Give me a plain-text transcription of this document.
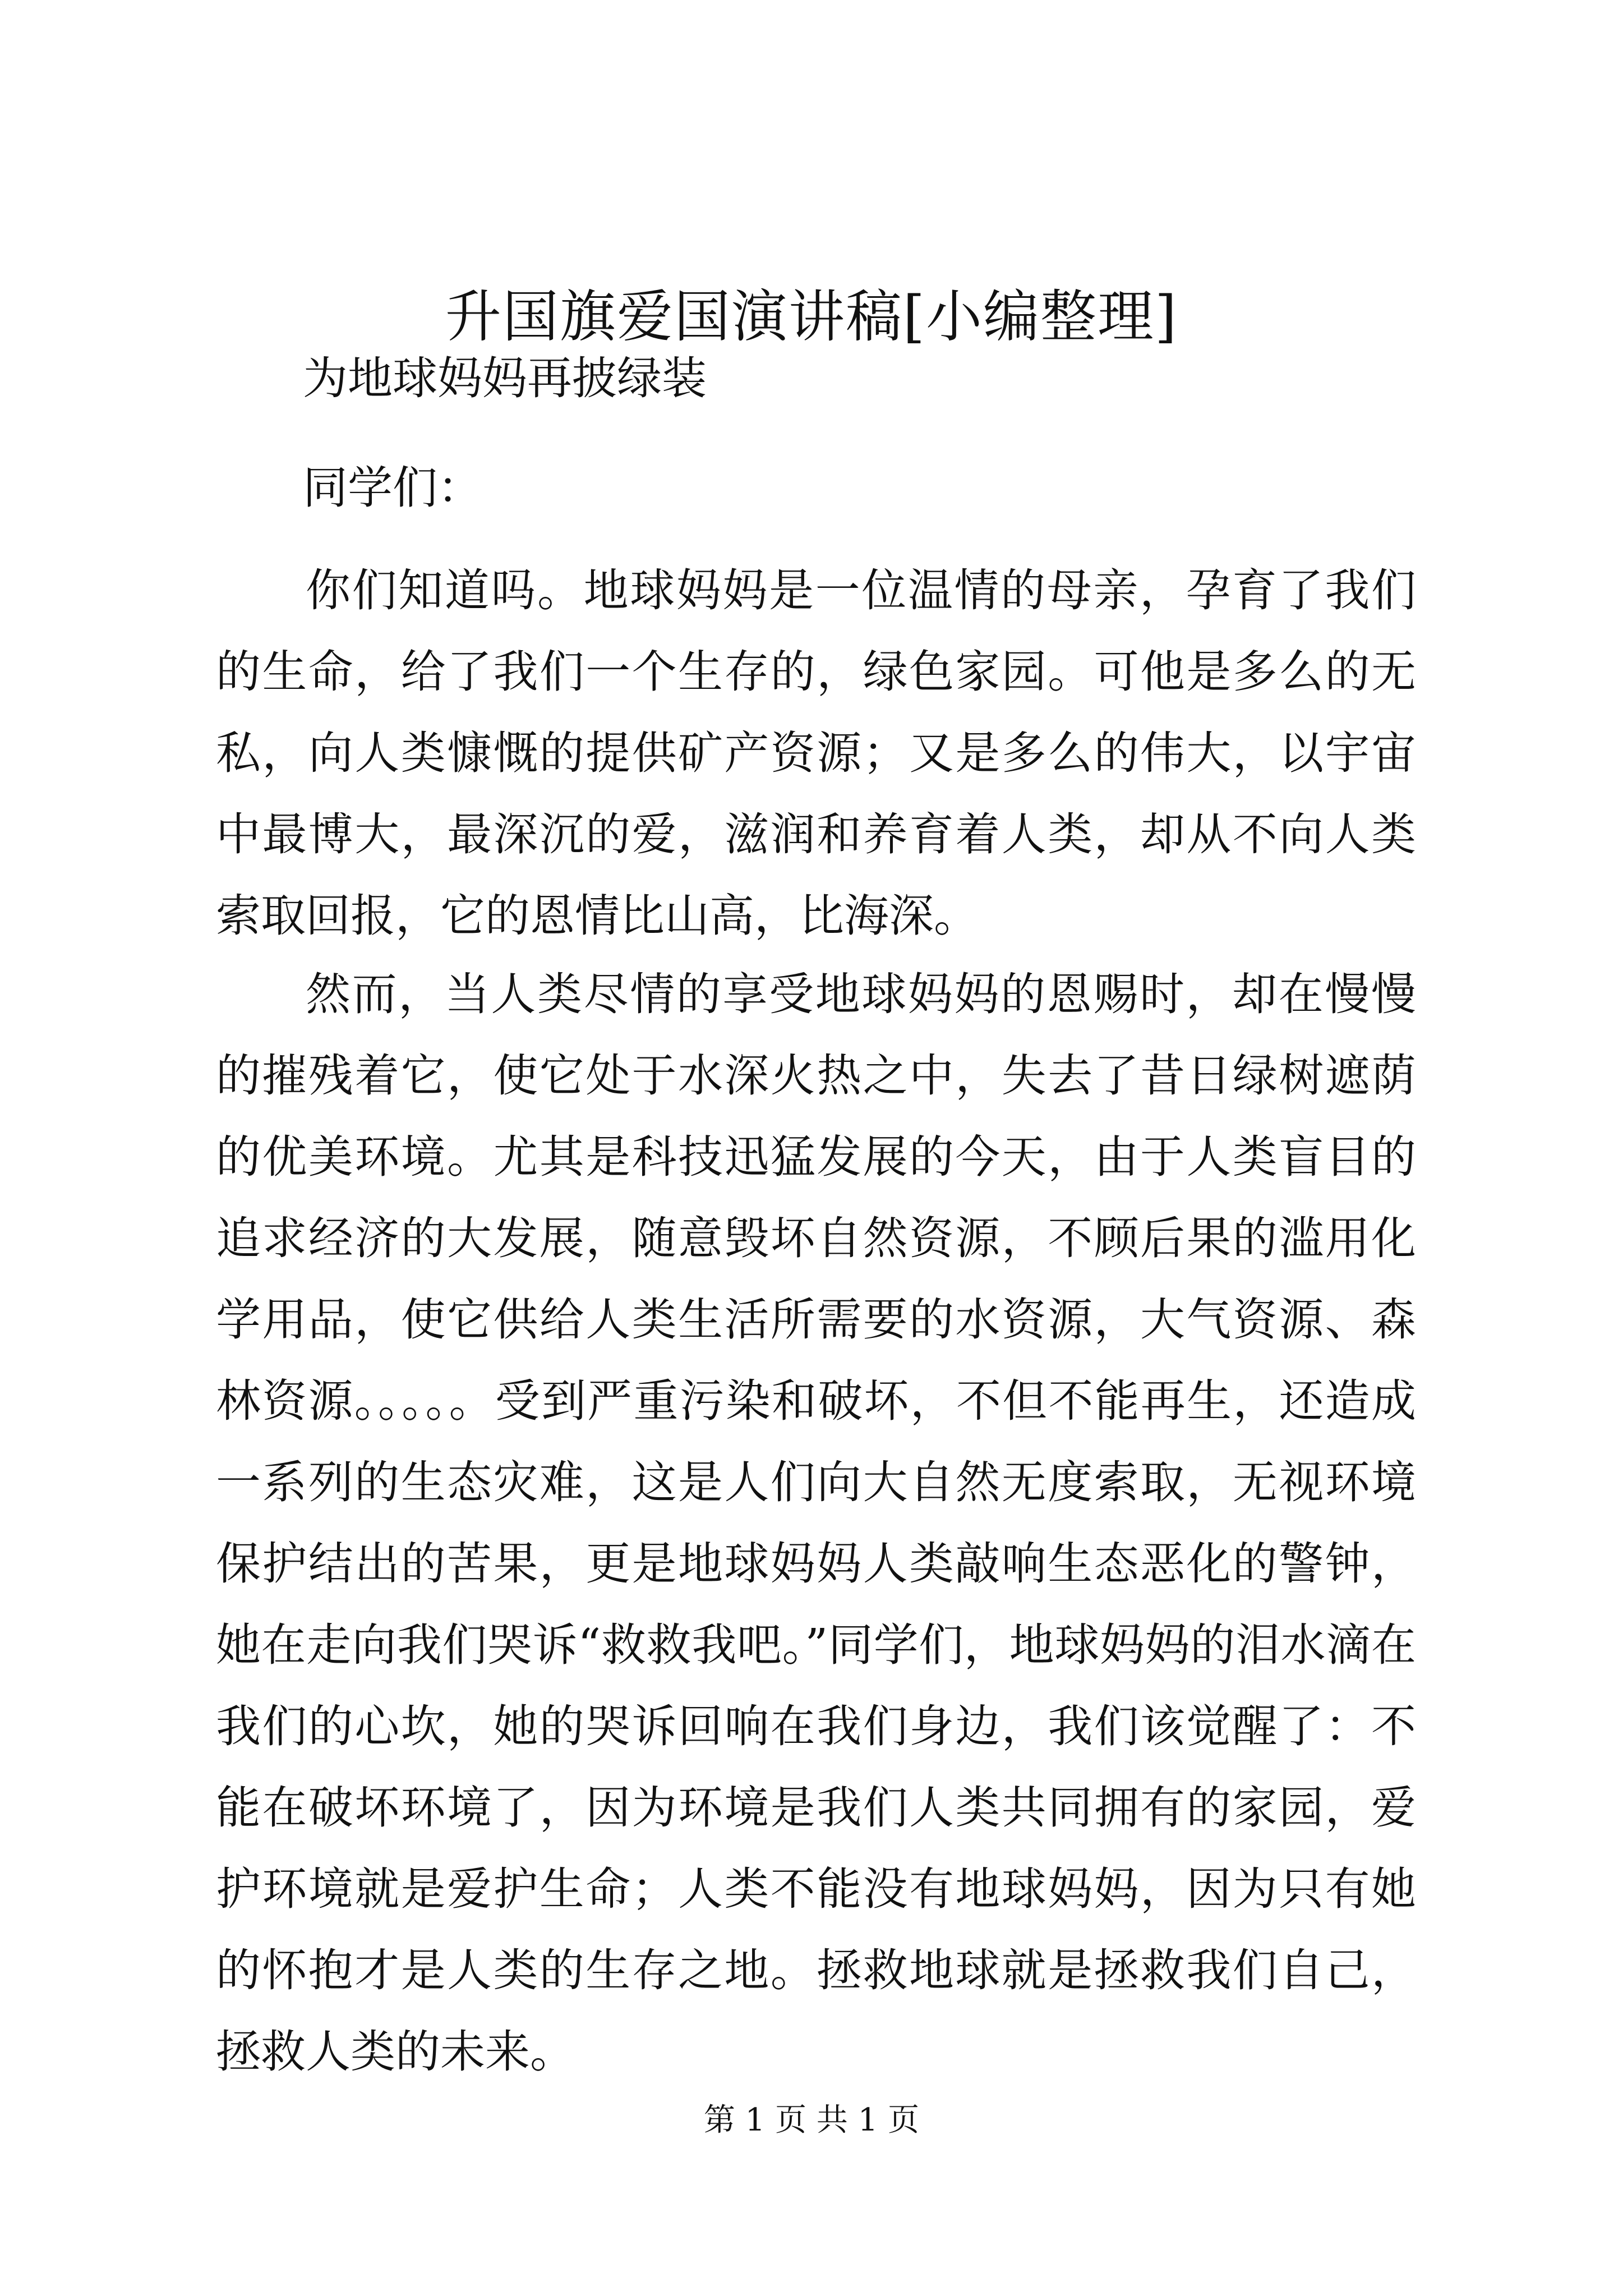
升国旗爱国演讲稿[小编整理]
为地球妈妈再披绿装
同学们：

你们知道吗。地球妈妈是一位温情的母亲，孕育了我们的生命，给了我们一个生存的，绿色家园。可他是多么的无私，向人类慷慨的提供矿产资源；又是多么的伟大，以宇宙中最博大，最深沉的爱，滋润和养育着人类，却从不向人类索取回报，它的恩情比山高，比海深。

然而，当人类尽情的享受地球妈妈的恩赐时，却在慢慢的摧残着它，使它处于水深火热之中，失去了昔日绿树遮荫的优美环境。尤其是科技迅猛发展的今天，由于人类盲目的追求经济的大发展，随意毁坏自然资源，不顾后果的滥用化学用品，使它供给人类生活所需要的水资源，大气资源、森林资源。。。。。受到严重污染和破坏，不但不能再生，还造成一系列的生态灾难，这是人们向大自然无度索取，无视环境保护结出的苦果，更是地球妈妈人类敲响生态恶化的警钟，她在走向我们哭诉“救救我吧。”同学们，地球妈妈的泪水滴在我们的心坎，她的哭诉回响在我们身边，我们该觉醒了：不能在破坏环境了，因为环境是我们人类共同拥有的家园，爱护环境就是爱护生命；人类不能没有地球妈妈，因为只有她的怀抱才是人类的生存之地。拯救地球就是拯救我们自己，拯救人类的未来。

第 1 页 共 1 页
